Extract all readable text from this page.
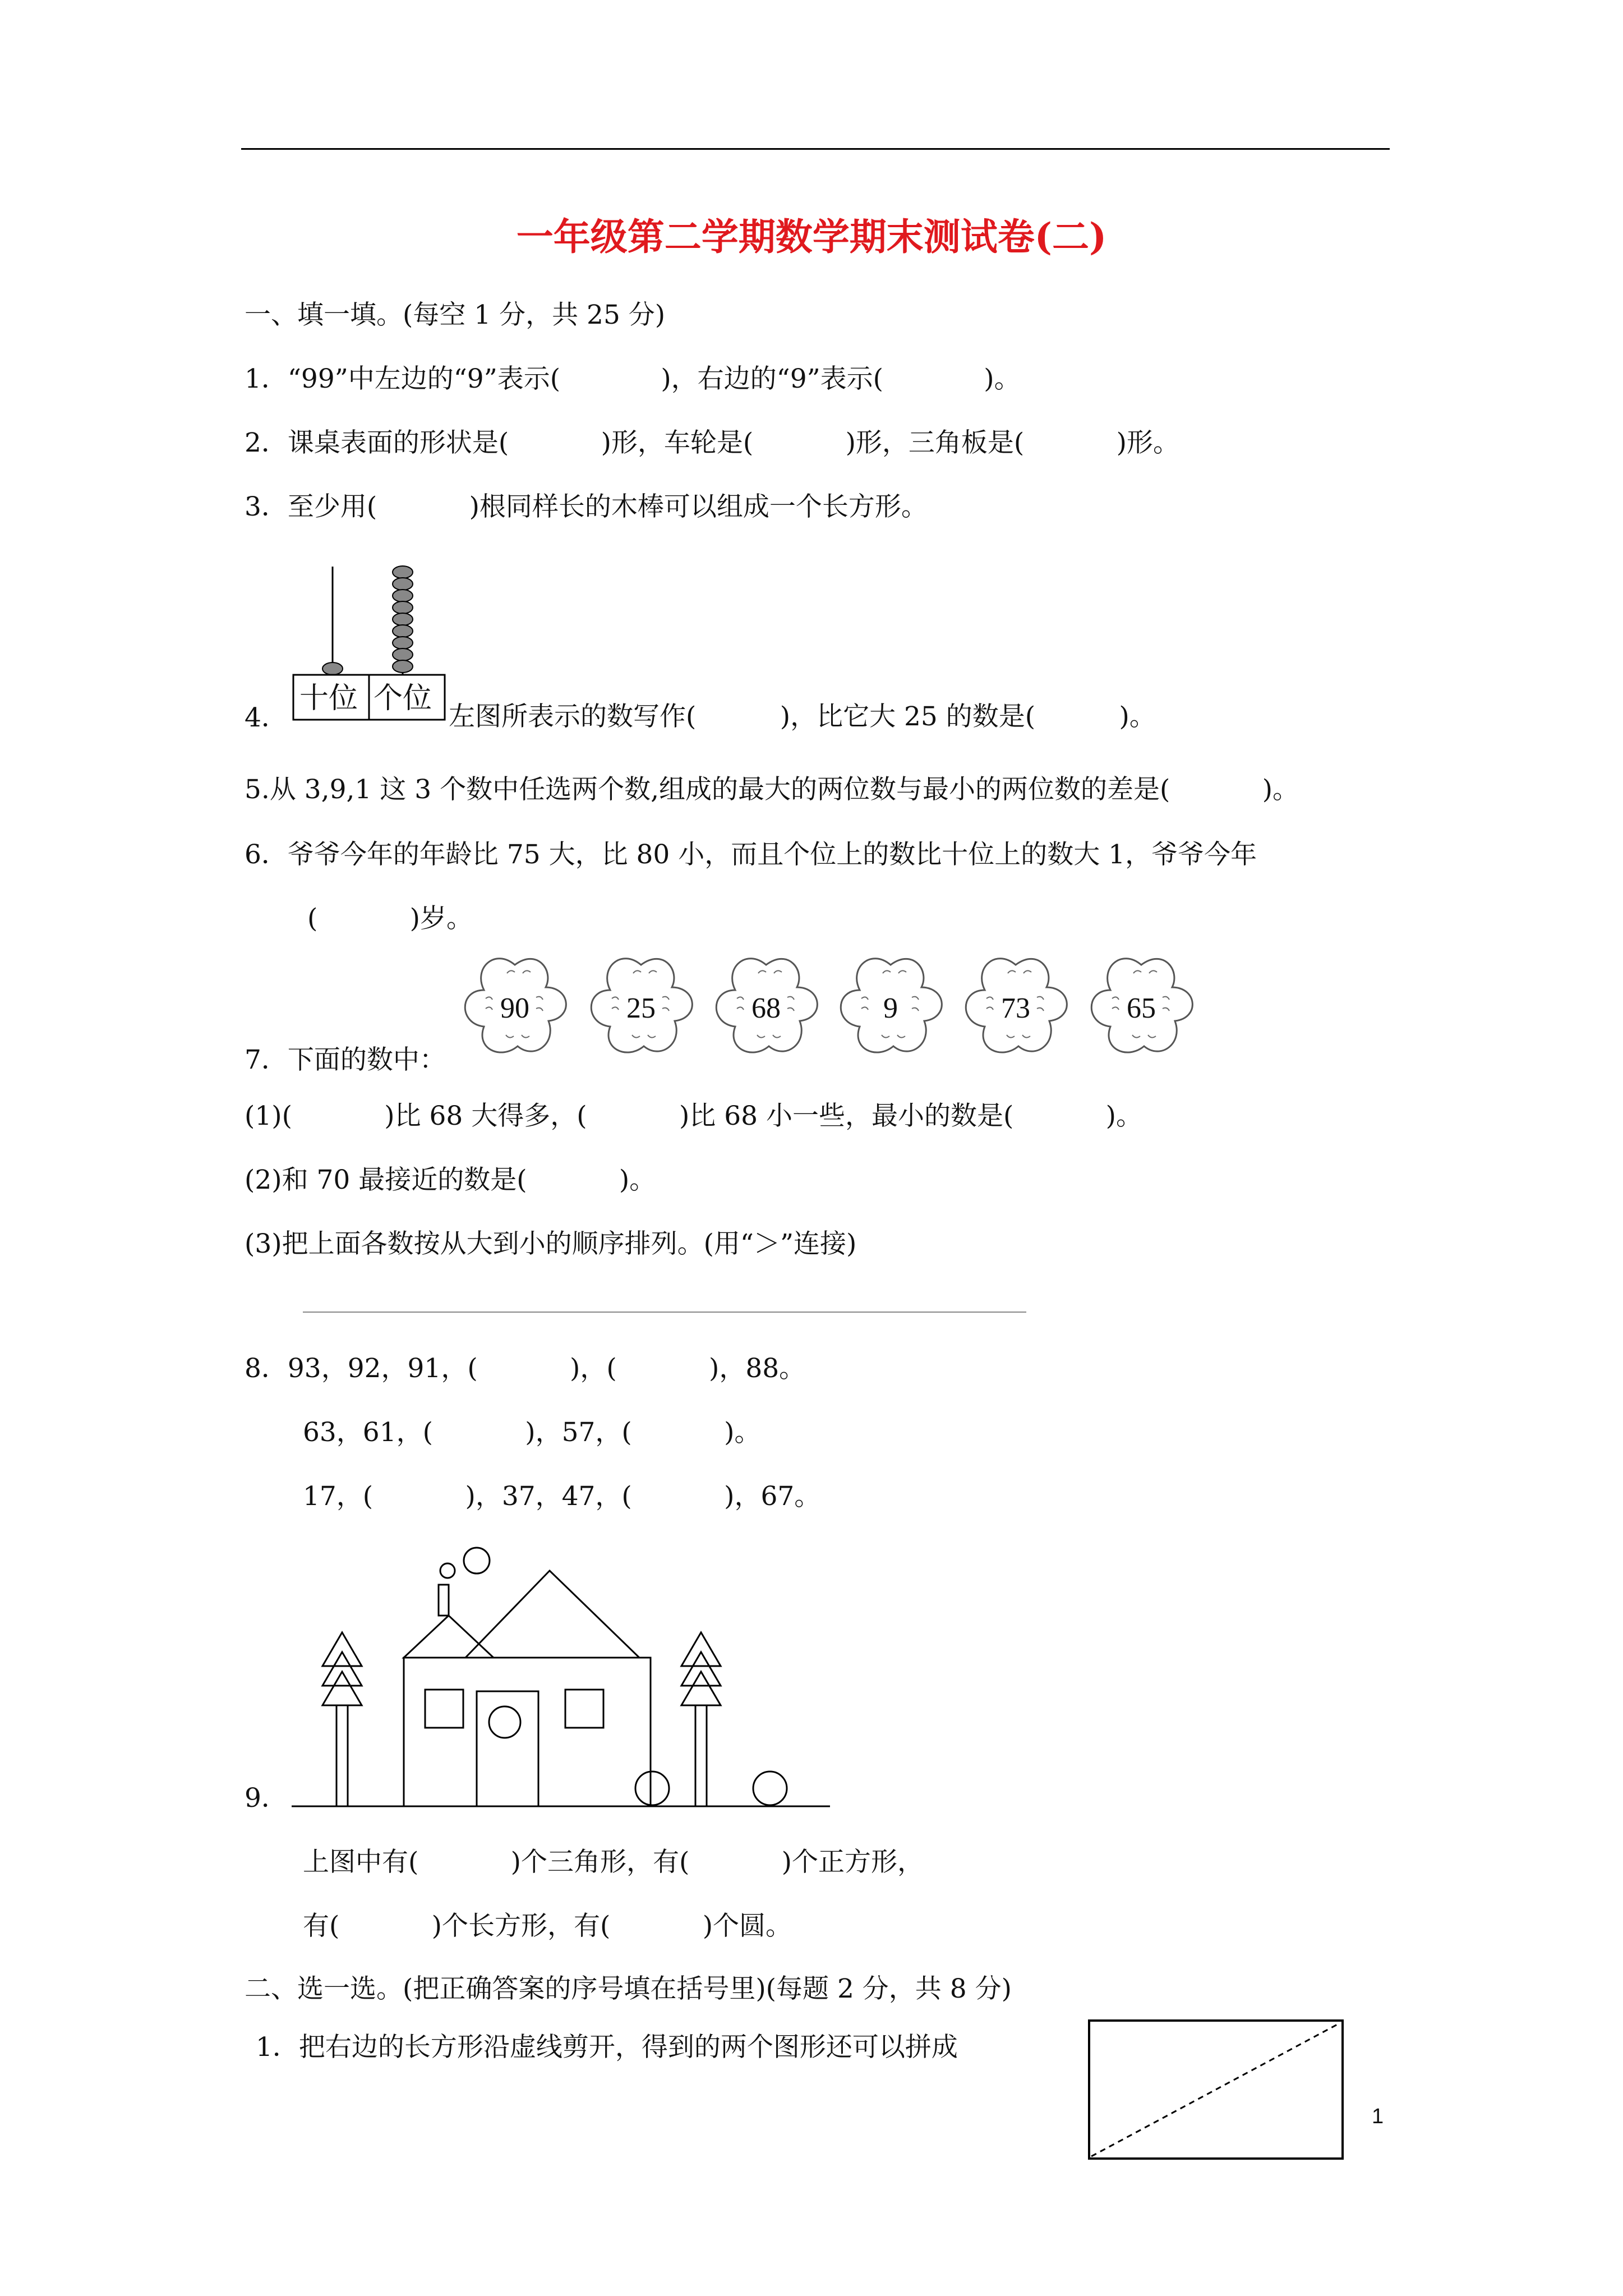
一年级第二学期数学期末测试卷(二)
一、填一填。(每空 1 分，共 25 分)
1．“99”中左边的“9”表示(            )，右边的“9”表示(            )。
2．课桌表面的形状是(           )形，车轮是(           )形，三角板是(           )形。
3．至少用(           )根同样长的木棒可以组成一个长方形。
十位 个位
4．	左图所表示的数写作(          )，比它大 25 的数是(          )。
5.从 3,9,1 这 3 个数中任选两个数,组成的最大的两位数与最小的两位数的差是(           )。
6．爷爷今年的年龄比 75 大，比 80 小，而且个位上的数比十位上的数大 1，爷爷今年
(           )岁。
90	25	68	9	73	65
7．下面的数中：
(1)(           )比 68 大得多，(           )比 68 小一些，最小的数是(           )。
(2)和 70 最接近的数是(           )。
(3)把上面各数按从大到小的顺序排列。(用“＞”连接)
8．93，92，91，(           )，(           )，88。
63，61，(           )，57，(           )。
17，(           )，37，47，(           )，67。
9．
上图中有(           )个三角形，有(           )个正方形，
有(           )个长方形，有(           )个圆。
二、选一选。(把正确答案的序号填在括号里)(每题 2 分，共 8 分)
1．把右边的长方形沿虚线剪开，得到的两个图形还可以拼成
1
